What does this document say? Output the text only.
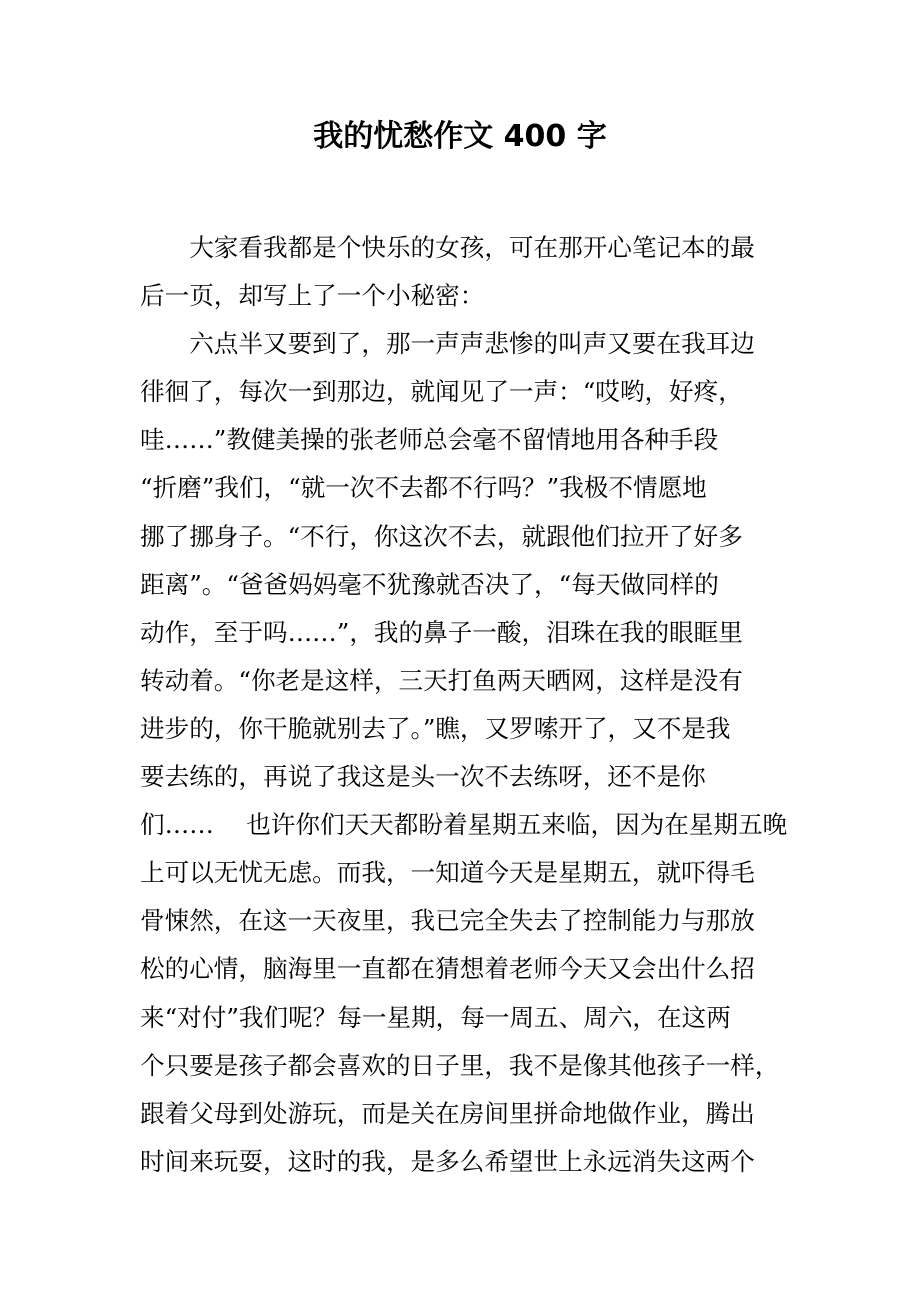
我的忧愁作文 400 字
　　大家看我都是个快乐的女孩，可在那开心笔记本的最
后一页，却写上了一个小秘密：
　　六点半又要到了，那一声声悲惨的叫声又要在我耳边
徘徊了，每次一到那边，就闻见了一声：“哎哟，好疼，
哇……”教健美操的张老师总会毫不留情地用各种手段
“折磨”我们，“就一次不去都不行吗？”我极不情愿地
挪了挪身子。“不行，你这次不去，就跟他们拉开了好多
距离”。“爸爸妈妈毫不犹豫就否决了，“每天做同样的
动作，至于吗……”，我的鼻子一酸，泪珠在我的眼眶里
转动着。“你老是这样，三天打鱼两天晒网，这样是没有
进步的，你干脆就别去了。”瞧，又罗嗦开了，又不是我
要去练的，再说了我这是头一次不去练呀，还不是你
们……　 也许你们天天都盼着星期五来临，因为在星期五晚
上可以无忧无虑。而我，一知道今天是星期五，就吓得毛
骨悚然，在这一天夜里，我已完全失去了控制能力与那放
松的心情，脑海里一直都在猜想着老师今天又会出什么招
来“对付”我们呢？每一星期，每一周五、周六，在这两
个只要是孩子都会喜欢的日子里，我不是像其他孩子一样，
跟着父母到处游玩，而是关在房间里拼命地做作业，腾出
时间来玩耍，这时的我，是多么希望世上永远消失这两个
